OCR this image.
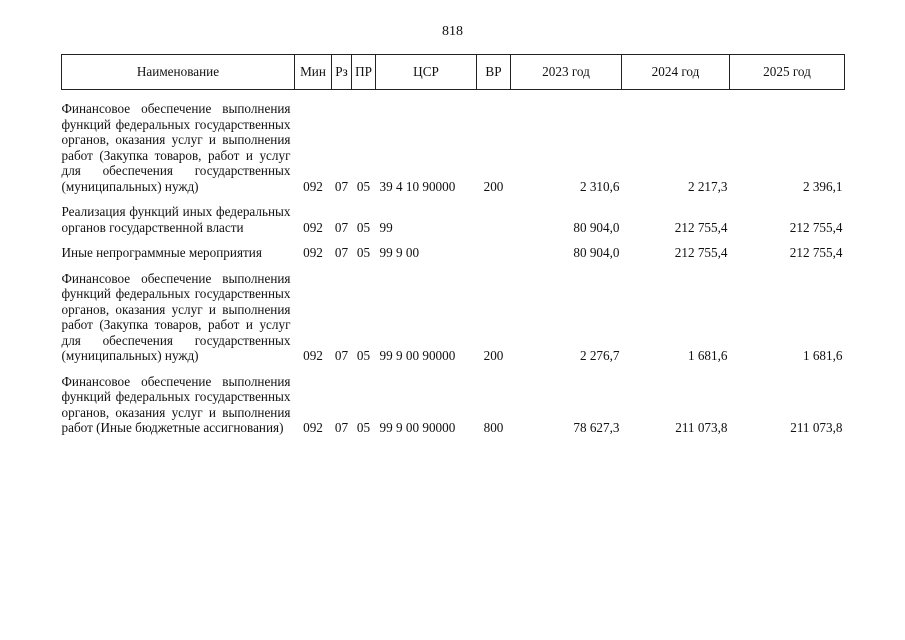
818
Наименование	Мин	Рз	ПР	ЦСР	ВР	2023 год	2024 год	2025 год
Финансовое обеспечение выполнения функций федеральных государственных органов, оказания услуг и выполнения работ (Закупка товаров, работ и услуг для обеспечения государственных (муниципальных) нужд)	092	07	05	39 4 10 90000	200	2 310,6	2 217,3	2 396,1
Реализация функций иных федеральных органов государственной власти	092	07	05	99		80 904,0	212 755,4	212 755,4
Иные непрограммные мероприятия	092	07	05	99 9 00		80 904,0	212 755,4	212 755,4
Финансовое обеспечение выполнения функций федеральных государственных органов, оказания услуг и выполнения работ (Закупка товаров, работ и услуг для обеспечения государственных (муниципальных) нужд)	092	07	05	99 9 00 90000	200	2 276,7	1 681,6	1 681,6
Финансовое обеспечение выполнения функций федеральных государственных органов, оказания услуг и выполнения работ (Иные бюджетные ассигнования)	092	07	05	99 9 00 90000	800	78 627,3	211 073,8	211 073,8
